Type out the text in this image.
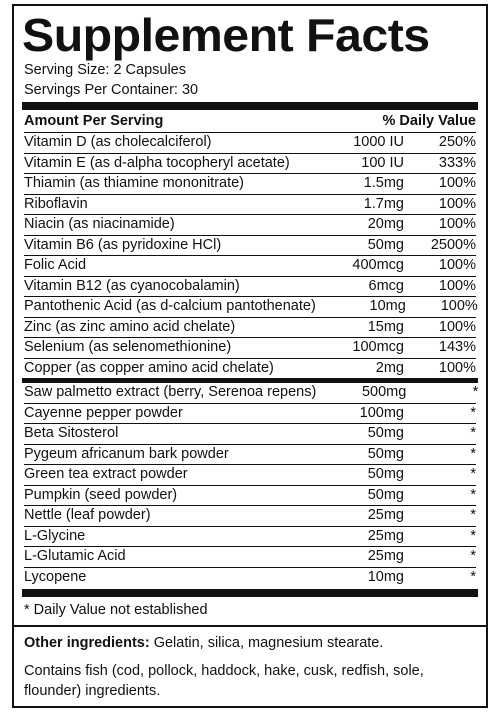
Supplement Facts
Serving Size: 2 Capsules
Servings Per Container: 30
Amount Per Serving	% Daily Value
Vitamin D (as cholecalciferol)	1000 IU	250%
Vitamin E (as d-alpha tocopheryl acetate)	100 IU	333%
Thiamin (as thiamine mononitrate)	1.5mg	100%
Riboflavin	1.7mg	100%
Niacin (as niacinamide)	20mg	100%
Vitamin B6 (as pyridoxine HCl)	50mg	2500%
Folic Acid	400mcg	100%
Vitamin B12 (as cyanocobalamin)	6mcg	100%
Pantothenic Acid (as d-calcium pantothenate)	10mg	100%
Zinc (as zinc amino acid chelate)	15mg	100%
Selenium (as selenomethionine)	100mcg	143%
Copper (as copper amino acid chelate)	2mg	100%
Saw palmetto extract (berry, Serenoa repens)	500mg	*
Cayenne pepper powder	100mg	*
Beta Sitosterol	50mg	*
Pygeum africanum bark powder	50mg	*
Green tea extract powder	50mg	*
Pumpkin (seed powder)	50mg	*
Nettle (leaf powder)	25mg	*
L-Glycine	25mg	*
L-Glutamic Acid	25mg	*
Lycopene	10mg	*
* Daily Value not established
Other ingredients: Gelatin, silica, magnesium stearate.
Contains fish (cod, pollock, haddock, hake, cusk, redfish, sole, flounder) ingredients.
